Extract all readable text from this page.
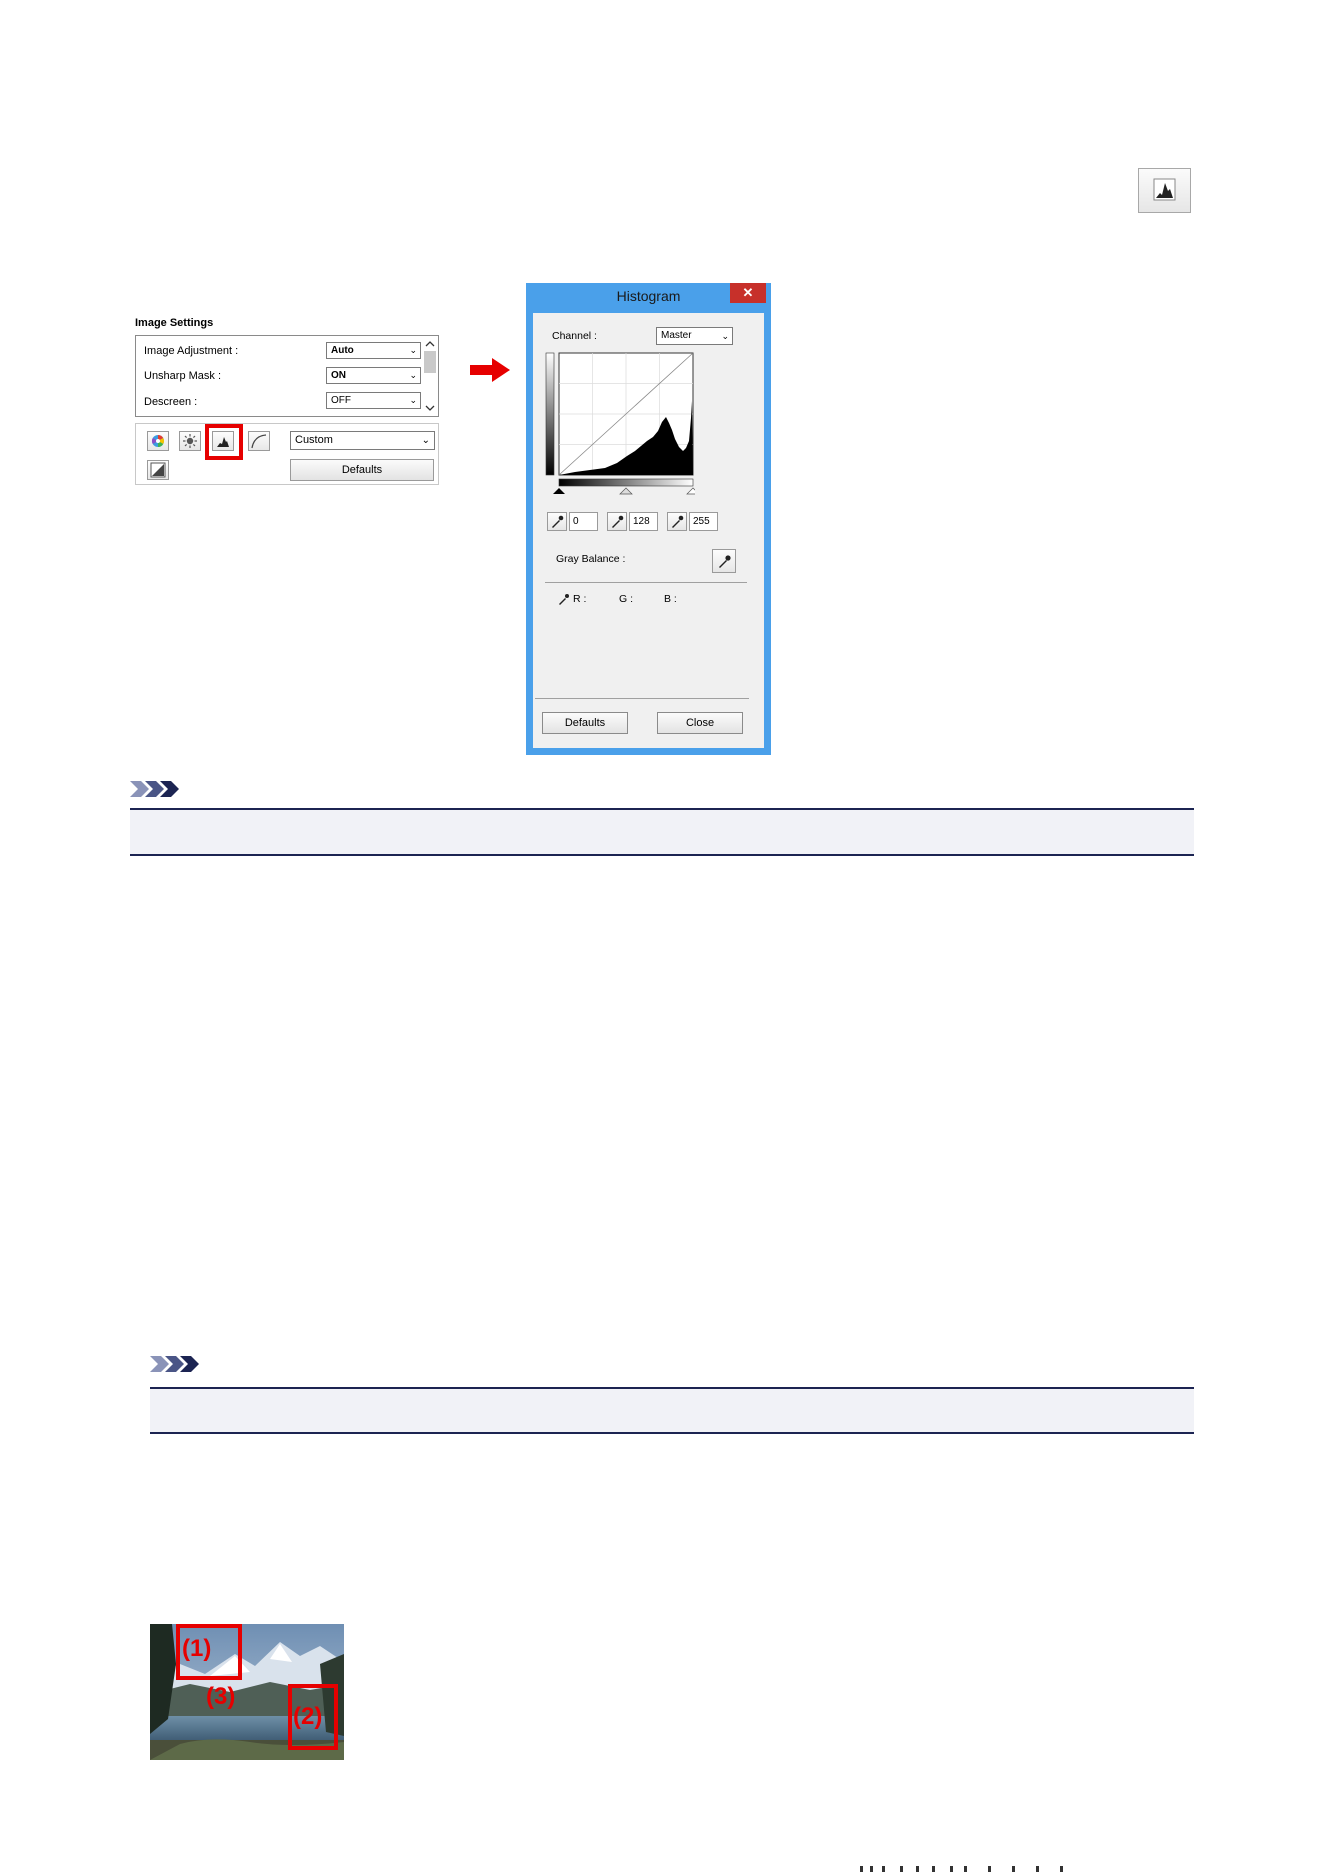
Image Settings
Image Adjustment :	Auto	⌄
Unsharp Mask :	ON	⌄
Descreen :	OFF	⌄
Custom	⌄
Defaults
Histogram	✕
Channel :	Master	⌄
0	128	255
Gray Balance :
R :	G :	B :
Defaults	Close
(1)
(2)
(3)
